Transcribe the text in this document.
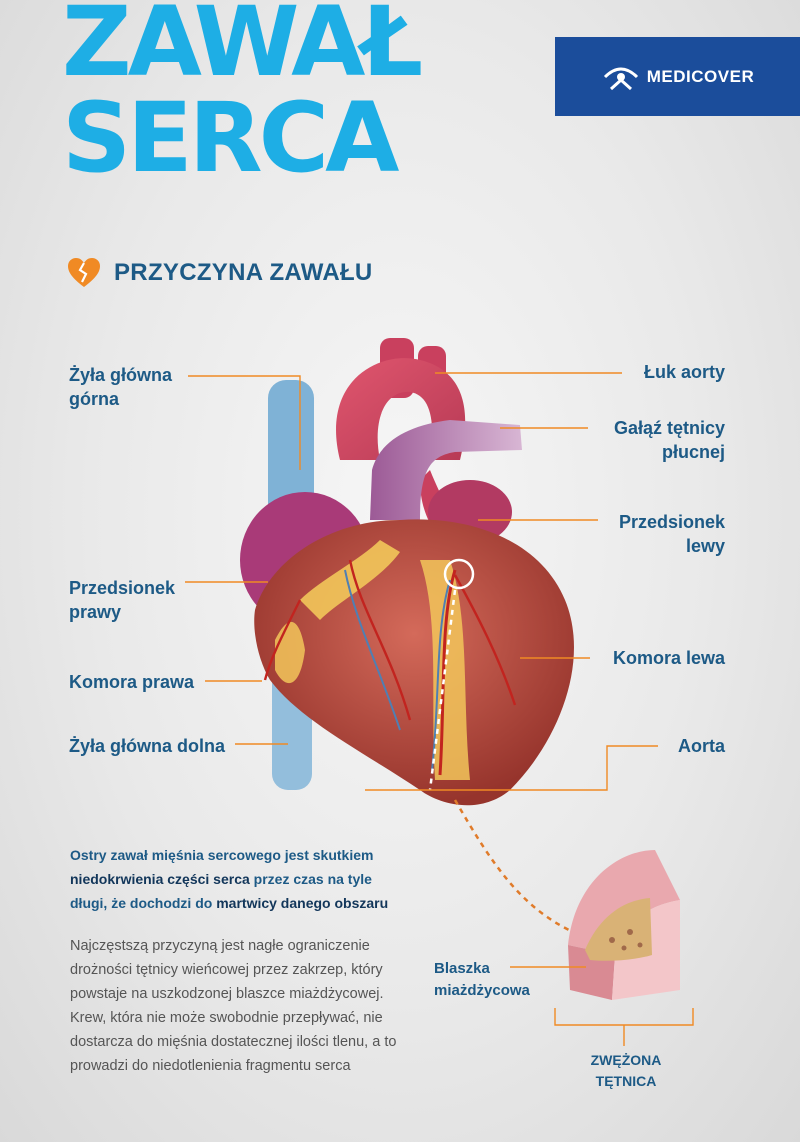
ZAWAŁ
SERCA
MEDICOVER
PRZYCZYNA ZAWAŁU
Żyła główna
górna
Łuk aorty
Gałąź tętnicy
płucnej
Przedsionek
lewy
Przedsionek
prawy
Komora lewa
Komora prawa
Aorta
Żyła główna dolna

Ostry zawał mięśnia sercowego jest skutkiem niedokrwienia części serca przez czas na tyle długi, że dochodzi do martwicy danego obszaru

Najczęstszą przyczyną jest nagłe ograniczenie drożności tętnicy wieńcowej przez zakrzep, który powstaje na uszkodzonej blaszce miażdżycowej. Krew, która nie może swobodnie przepływać, nie dostarcza do mięśnia dostatecznej ilości tlenu, a to prowadzi do niedotlenienia fragmentu serca

Blaszka
miażdżycowa
ZWĘŻONA
TĘTNICA
